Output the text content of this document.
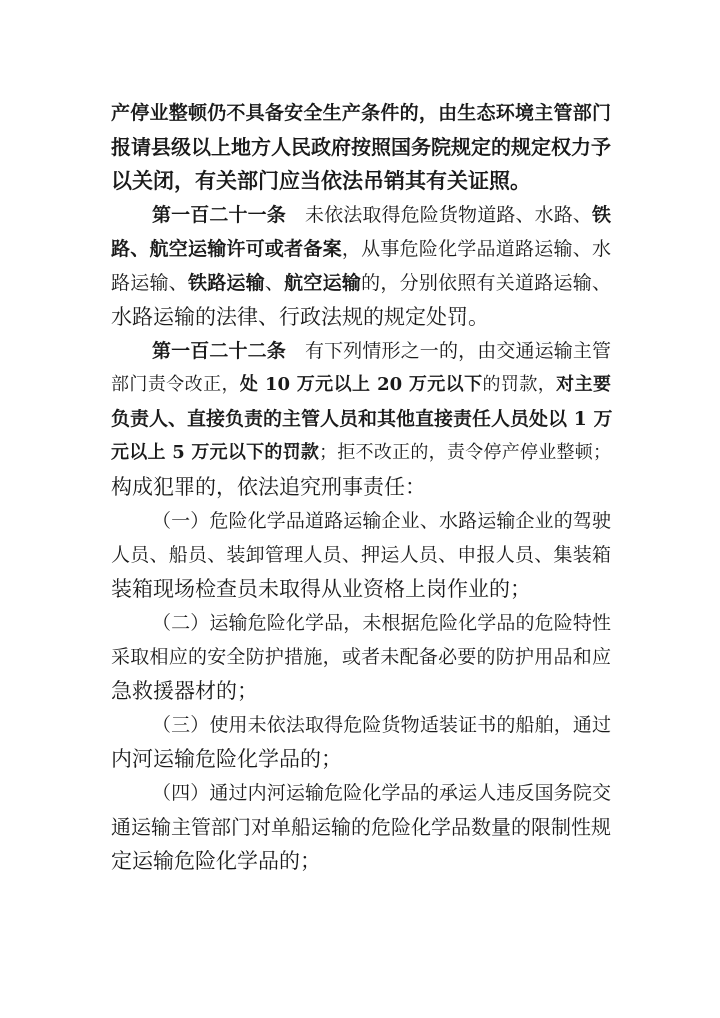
产停业整顿仍不具备安全生产条件的，由生态环境主管部门
报请县级以上地方人民政府按照国务院规定的规定权力予
以关闭，有关部门应当依法吊销其有关证照。
第一百二十一条　未依法取得危险货物道路、水路、铁
路、航空运输许可或者备案，从事危险化学品道路运输、水
路运输、铁路运输、航空运输的，分别依照有关道路运输、
水路运输的法律、行政法规的规定处罚。
第一百二十二条　有下列情形之一的，由交通运输主管
部门责令改正，处 10 万元以上 20 万元以下的罚款，对主要
负责人、直接负责的主管人员和其他直接责任人员处以 1 万
元以上 5 万元以下的罚款；拒不改正的，责令停产停业整顿；
构成犯罪的，依法追究刑事责任：
（一）危险化学品道路运输企业、水路运输企业的驾驶
人员、船员、装卸管理人员、押运人员、申报人员、集装箱
装箱现场检查员未取得从业资格上岗作业的；
（二）运输危险化学品，未根据危险化学品的危险特性
采取相应的安全防护措施，或者未配备必要的防护用品和应
急救援器材的；
（三）使用未依法取得危险货物适装证书的船舶，通过
内河运输危险化学品的；
（四）通过内河运输危险化学品的承运人违反国务院交
通运输主管部门对单船运输的危险化学品数量的限制性规
定运输危险化学品的；
